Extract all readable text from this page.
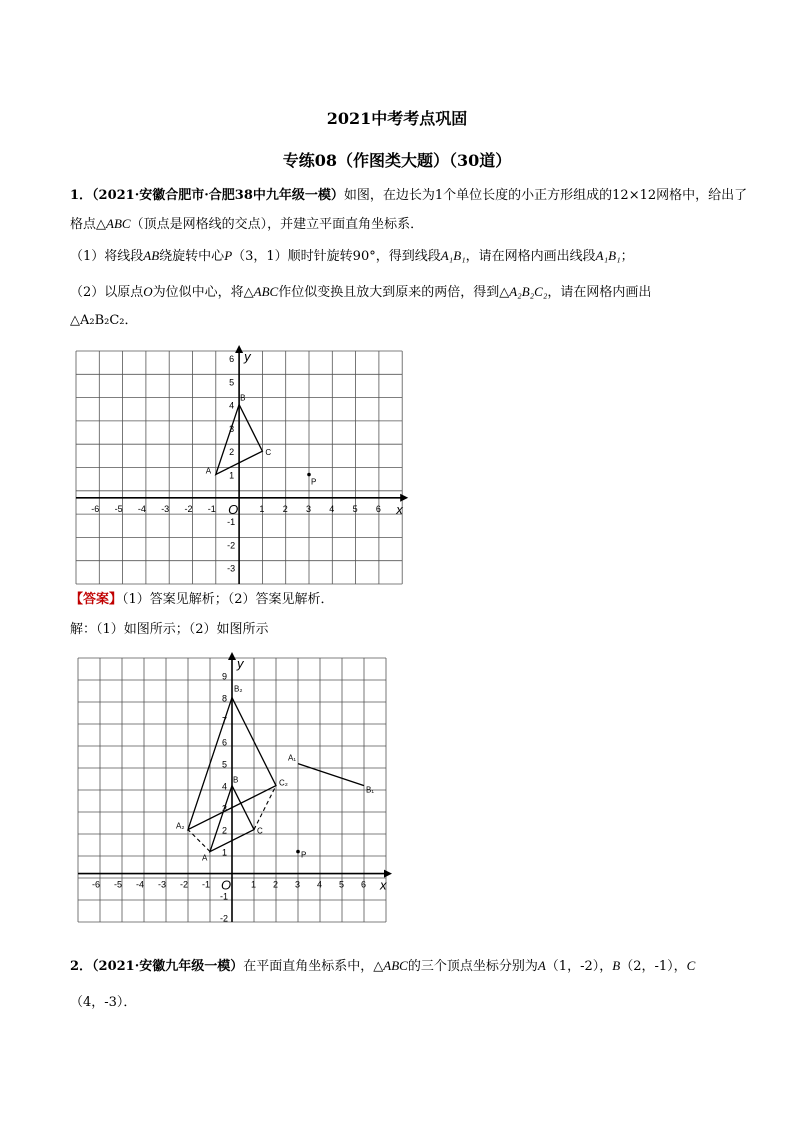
2021中考考点巩固
专练08（作图类大题）（30道）
1．（2021·安徽合肥市·合肥38中九年级一模）如图，在边长为1个单位长度的小正方形组成的12×12网格中，给出了格点△ABC（顶点是网格线的交点），并建立平面直角坐标系．
（1）将线段AB绕旋转中心P（3，1）顺时针旋转90°，得到线段A₁B₁，请在网格内画出线段A₁B₁；
（2）以原点O为位似中心，将△ABC作位似变换且放大到原来的两倍，得到△A₂B₂C₂，请在网格内画出
△A₂B₂C₂．
x
y
O
-6 -5 -4 -3 -2 -1	1 2 3 4 5 6
6
5
4
3
2
1
-1
-2
-3
A
B
C
P
【答案】（1）答案见解析；（2）答案见解析．
解：（1）如图所示；（2）如图所示
x
y
O
-6 -5 -4 -3 -2 -1	1 2 3 4 5 6
9
8
7
6
5
4
3
2
1
-1
-2
A
B
C
P
A₁
B₁
A₂
B₂
C₂
2．（2021·安徽九年级一模）在平面直角坐标系中，△ABC的三个顶点坐标分别为A（1，-2），B（2，-1），C（4，-3）．
